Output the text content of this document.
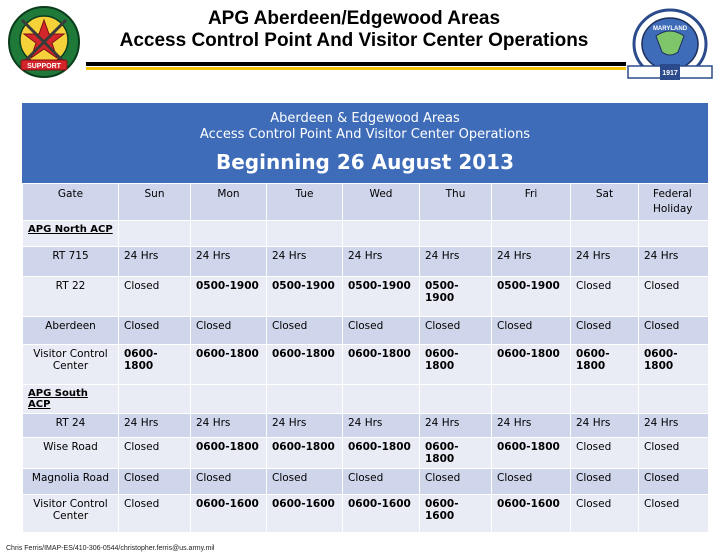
SUPPORT
APG Aberdeen/Edgewood Areas
Access Control Point And Visitor Center Operations
MARYLAND
1917
Aberdeen & Edgewood Areas
Access Control Point And Visitor Center Operations
Beginning 26 August 2013
Gate	Sun	Mon	Tue	Wed	Thu	Fri	Sat	Federal Holiday
APG North ACP								
RT 715	24 Hrs	24 Hrs	24 Hrs	24 Hrs	24 Hrs	24 Hrs	24 Hrs	24 Hrs
RT 22	Closed	0500-1900	0500-1900	0500-1900	0500-1900	0500-1900	Closed	Closed
Aberdeen	Closed	Closed	Closed	Closed	Closed	Closed	Closed	Closed
Visitor Control Center	0600-1800	0600-1800	0600-1800	0600-1800	0600-1800	0600-1800	0600-1800	0600-1800
APG South ACP								
RT 24	24 Hrs	24 Hrs	24 Hrs	24 Hrs	24 Hrs	24 Hrs	24 Hrs	24 Hrs
Wise Road	Closed	0600-1800	0600-1800	0600-1800	0600-1800	0600-1800	Closed	Closed
Magnolia Road	Closed	Closed	Closed	Closed	Closed	Closed	Closed	Closed
Visitor Control Center	Closed	0600-1600	0600-1600	0600-1600	0600-1600	0600-1600	Closed	Closed
Chris Ferris/IMAP-ES/410-306-0544/christopher.ferris@us.army.mil
